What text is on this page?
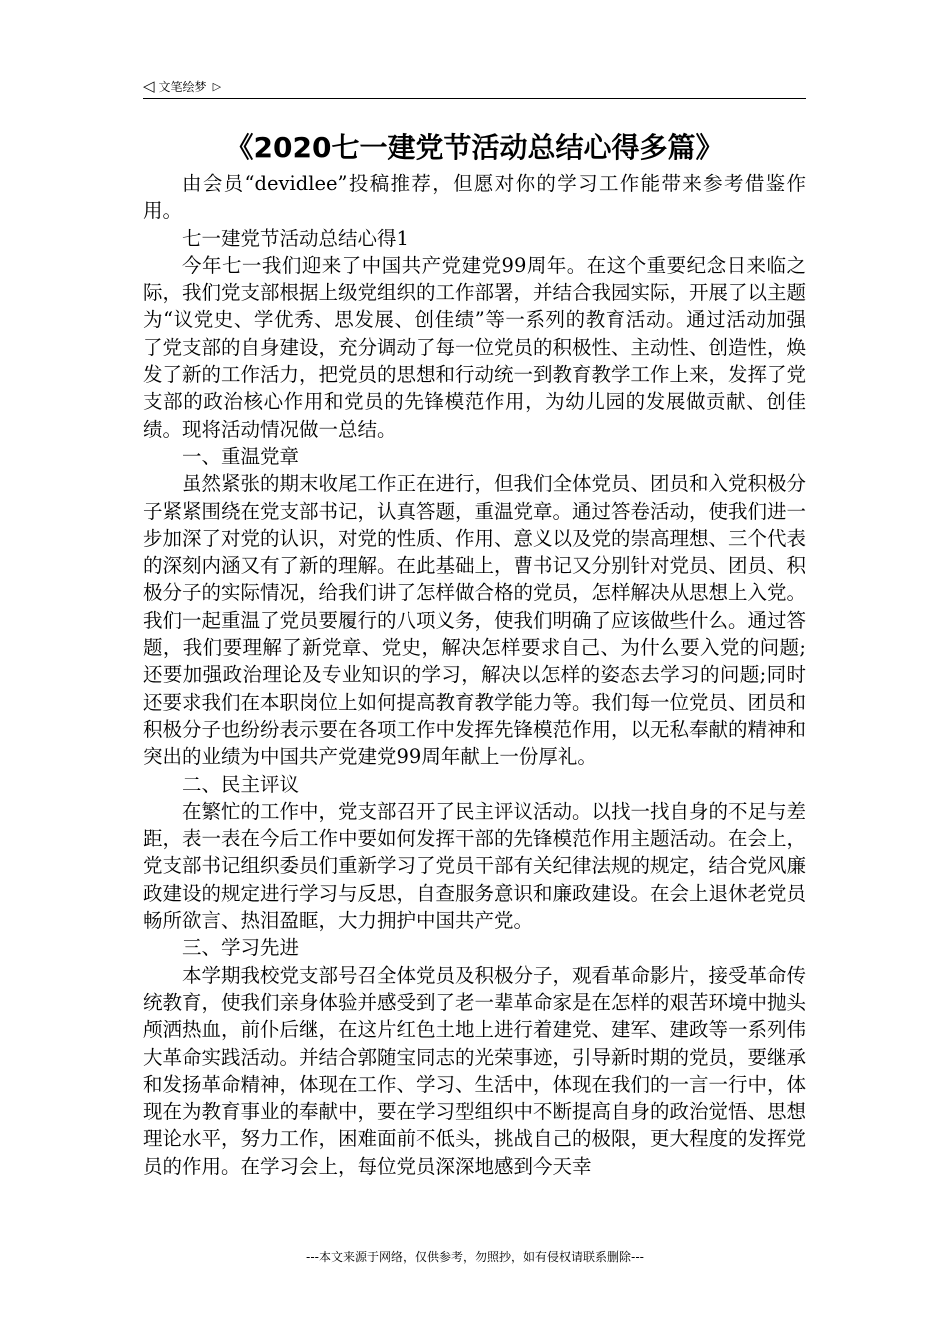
◁ 文笔绘梦 ▷
《2020七一建党节活动总结心得多篇》

由会员“devidlee”投稿推荐，但愿对你的学习工作能带来参考借鉴作用。

七一建党节活动总结心得1

今年七一我们迎来了中国共产党建党99周年。在这个重要纪念日来临之际，我们党支部根据上级党组织的工作部署，并结合我园实际，开展了以主题为“议党史、学优秀、思发展、创佳绩”等一系列的教育活动。通过活动加强了党支部的自身建设，充分调动了每一位党员的积极性、主动性、创造性，焕发了新的工作活力，把党员的思想和行动统一到教育教学工作上来，发挥了党支部的政治核心作用和党员的先锋模范作用，为幼儿园的发展做贡献、创佳绩。现将活动情况做一总结。

一、重温党章

虽然紧张的期末收尾工作正在进行，但我们全体党员、团员和入党积极分子紧紧围绕在党支部书记，认真答题，重温党章。通过答卷活动，使我们进一步加深了对党的认识，对党的性质、作用、意义以及党的崇高理想、三个代表的深刻内涵又有了新的理解。在此基础上，曹书记又分别针对党员、团员、积极分子的实际情况，给我们讲了怎样做合格的党员，怎样解决从思想上入党。我们一起重温了党员要履行的八项义务，使我们明确了应该做些什么。通过答题，我们要理解了新党章、党史，解决怎样要求自己、为什么要入党的问题;还要加强政治理论及专业知识的学习，解决以怎样的姿态去学习的问题;同时还要求我们在本职岗位上如何提高教育教学能力等。我们每一位党员、团员和积极分子也纷纷表示要在各项工作中发挥先锋模范作用，以无私奉献的精神和突出的业绩为中国共产党建党99周年献上一份厚礼。

二、民主评议

在繁忙的工作中，党支部召开了民主评议活动。以找一找自身的不足与差距，表一表在今后工作中要如何发挥干部的先锋模范作用主题活动。在会上，党支部书记组织委员们重新学习了党员干部有关纪律法规的规定，结合党风廉政建设的规定进行学习与反思，自查服务意识和廉政建设。在会上退休老党员畅所欲言、热泪盈眶，大力拥护中国共产党。

三、学习先进

本学期我校党支部号召全体党员及积极分子，观看革命影片，接受革命传统教育，使我们亲身体验并感受到了老一辈革命家是在怎样的艰苦环境中抛头颅洒热血，前仆后继，在这片红色土地上进行着建党、建军、建政等一系列伟大革命实践活动。并结合郭随宝同志的光荣事迹，引导新时期的党员，要继承和发扬革命精神，体现在工作、学习、生活中，体现在我们的一言一行中，体现在为教育事业的奉献中，要在学习型组织中不断提高自身的政治觉悟、思想理论水平，努力工作，困难面前不低头，挑战自己的极限，更大程度的发挥党员的作用。在学习会上，每位党员深深地感到今天幸

---本文来源于网络，仅供参考，勿照抄，如有侵权请联系删除---
